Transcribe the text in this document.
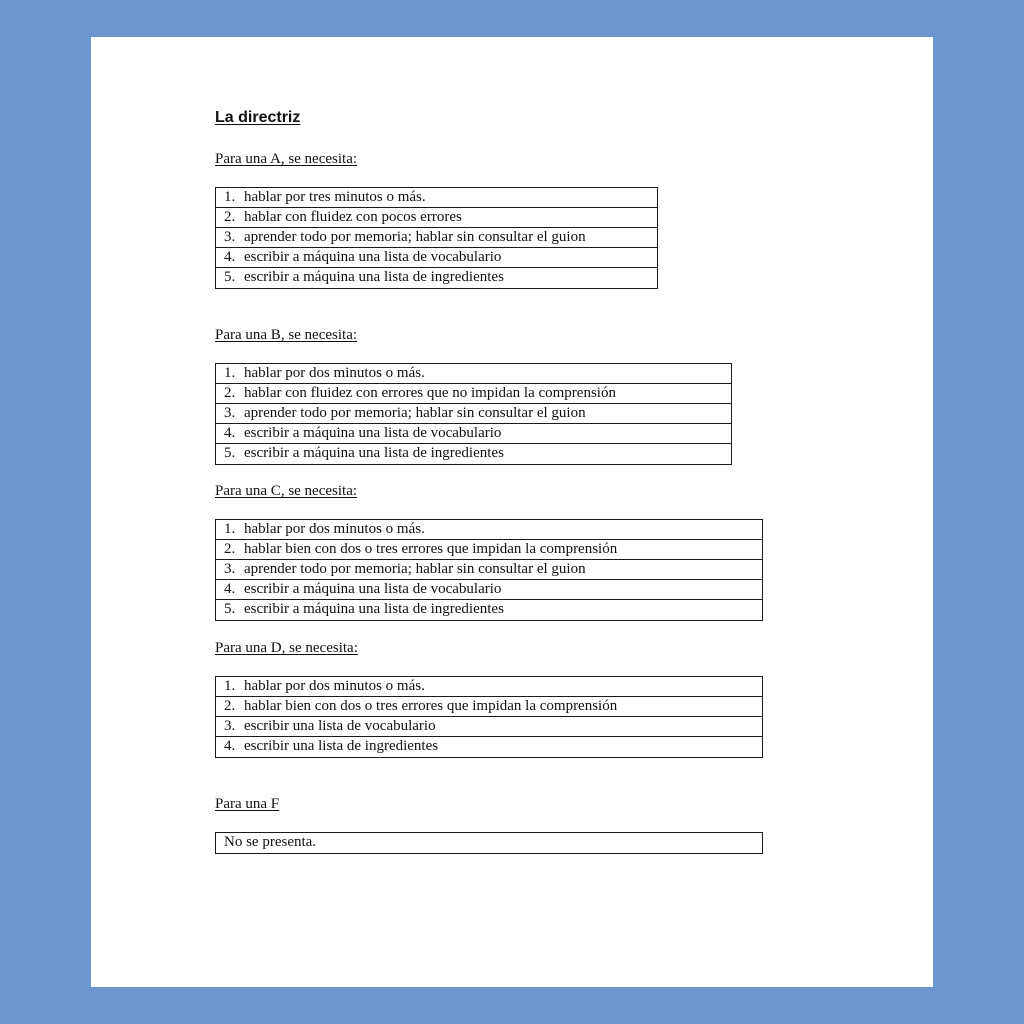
La directriz

Para una A, se necesita:

1. hablar por tres minutos o más.
2. hablar con fluidez con pocos errores
3. aprender todo por memoria; hablar sin consultar el guion
4. escribir a máquina una lista de vocabulario
5. escribir a máquina una lista de ingredientes

Para una B, se necesita:

1. hablar por dos minutos o más.
2. hablar con fluidez con errores que no impidan la comprensión
3. aprender todo por memoria; hablar sin consultar el guion
4. escribir a máquina una lista de vocabulario
5. escribir a máquina una lista de ingredientes

Para una C, se necesita:

1. hablar por dos minutos o más.
2. hablar bien con dos o tres errores que impidan la comprensión
3. aprender todo por memoria; hablar sin consultar el guion
4. escribir a máquina una lista de vocabulario
5. escribir a máquina una lista de ingredientes

Para una D, se necesita:

1. hablar por dos minutos o más.
2. hablar bien con dos o tres errores que impidan la comprensión
3. escribir una lista de vocabulario
4. escribir una lista de ingredientes

Para una F

No se presenta.
